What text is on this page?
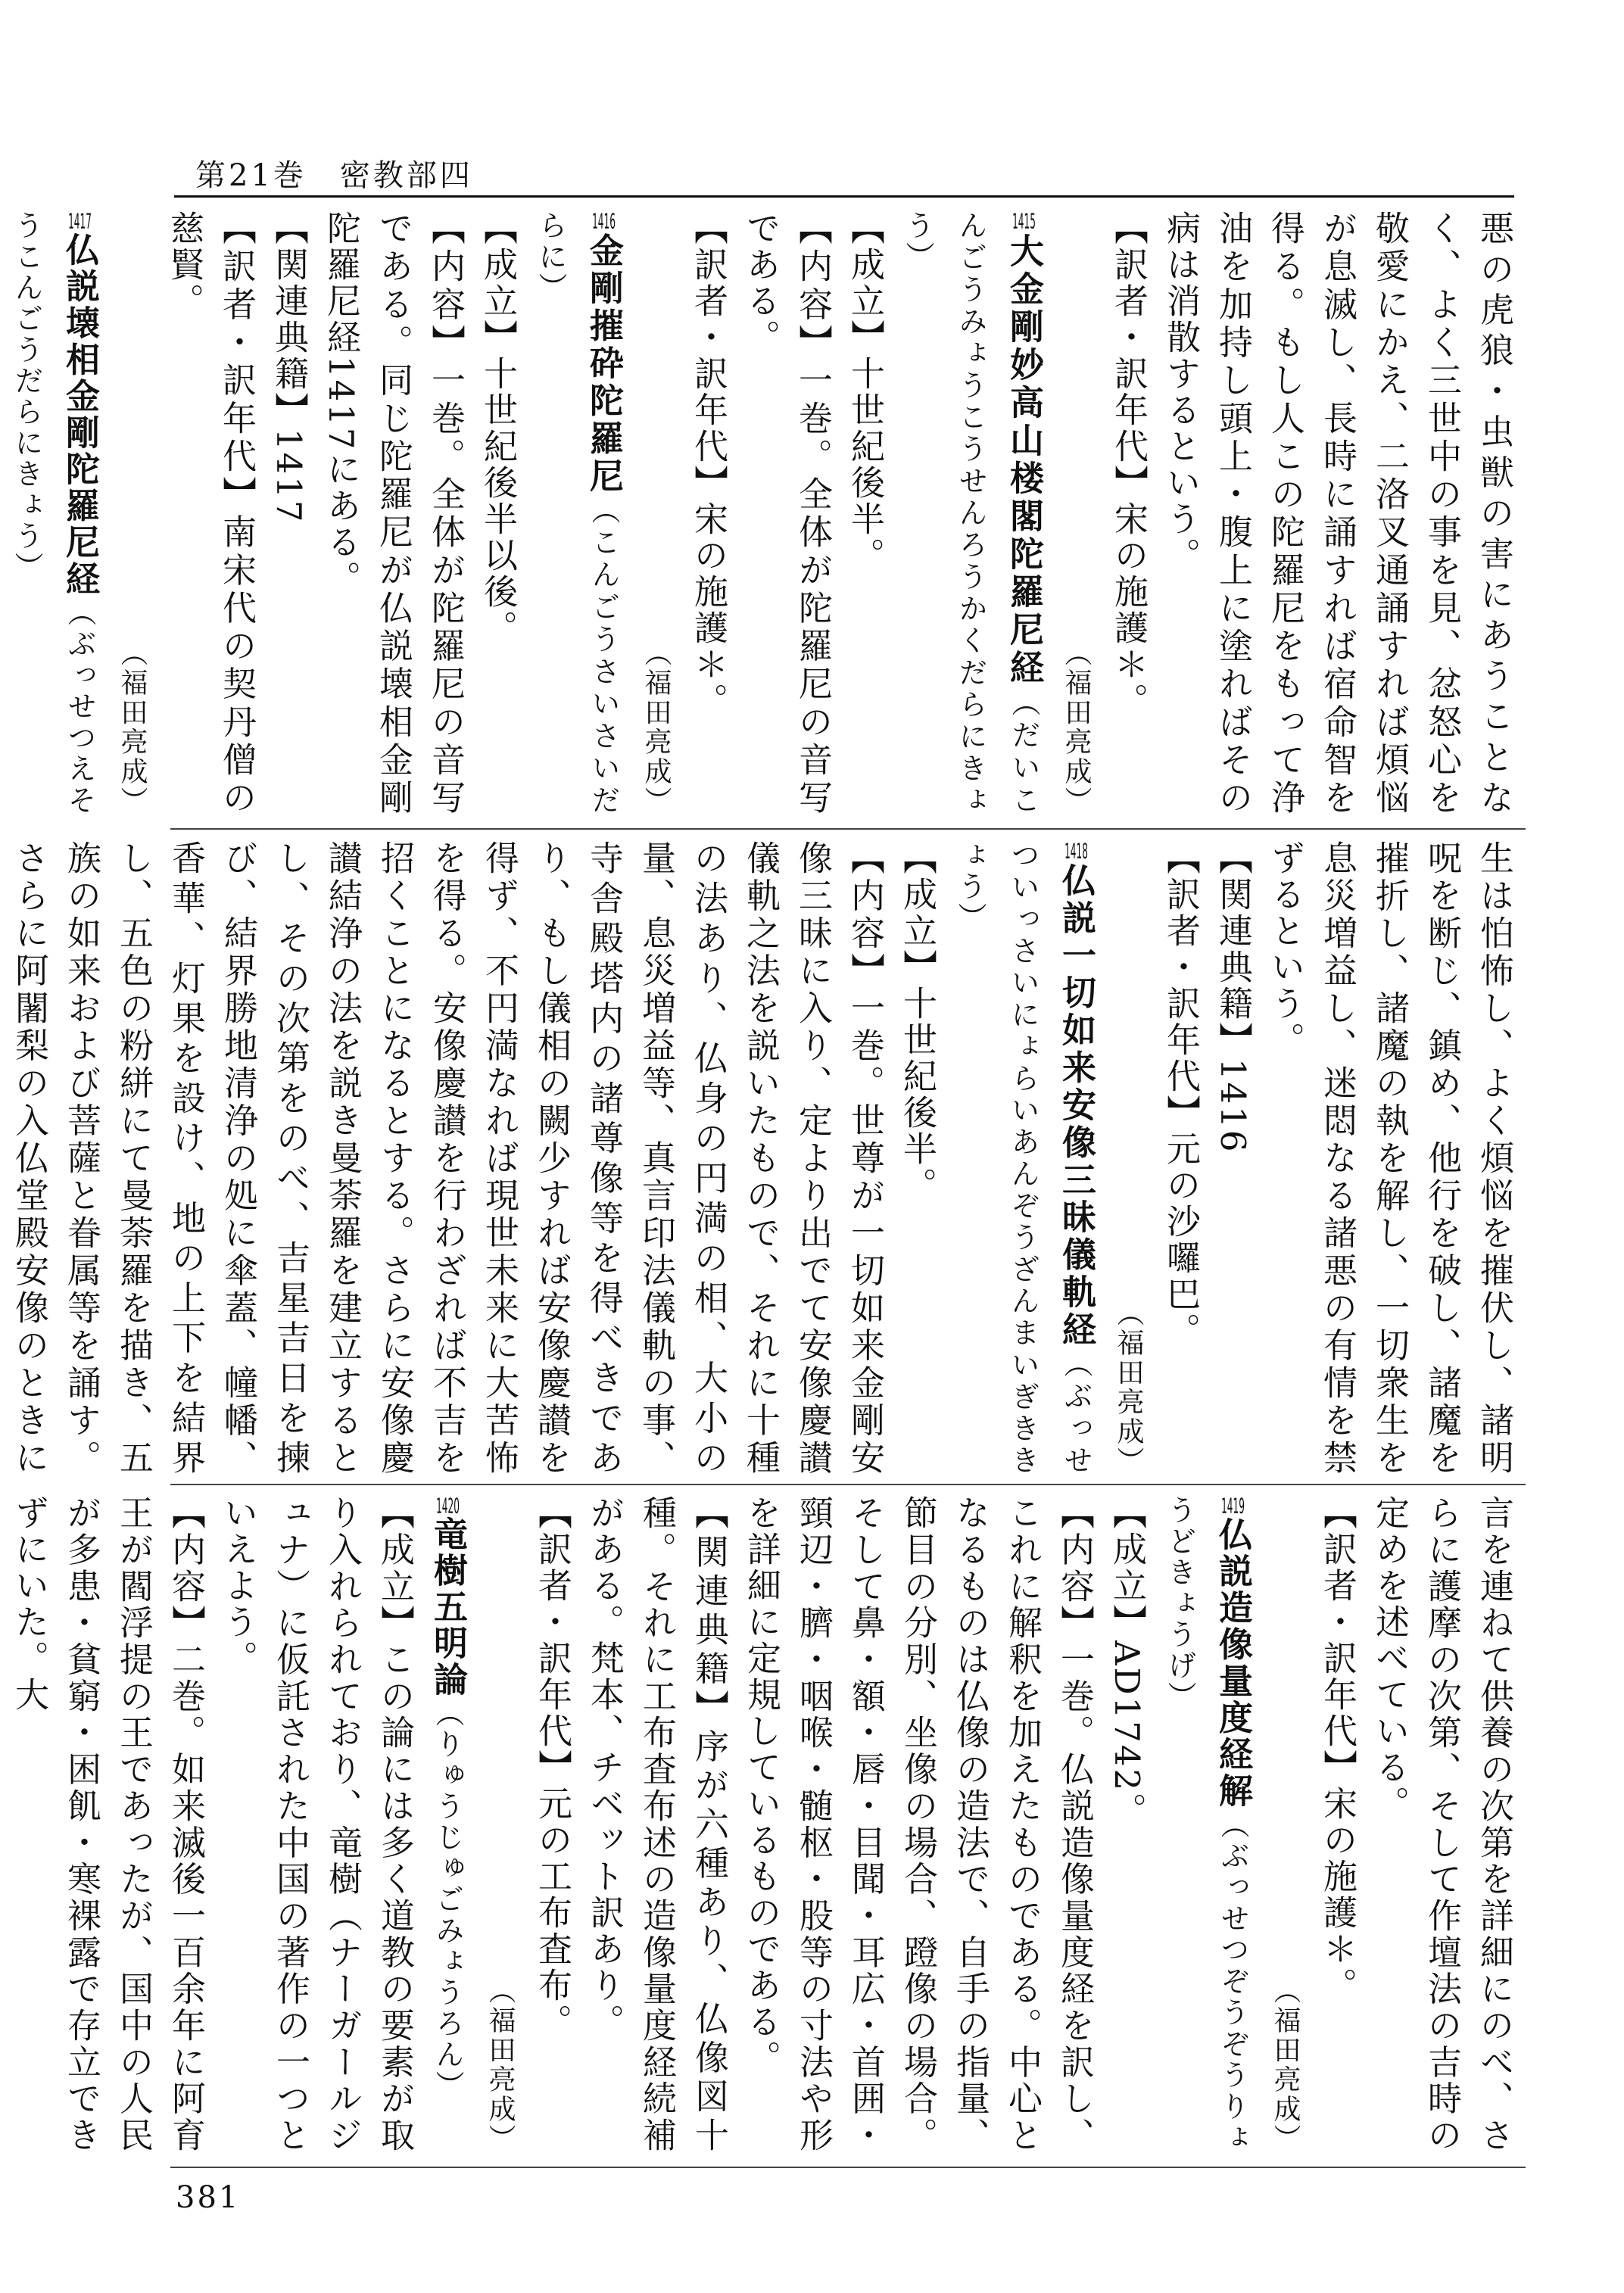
第21巻　密教部四

悪の虎狼・虫獣の害にあうことなく、よく三世中の事を見、忿怒心を敬愛にかえ、二洛叉通誦すれば煩悩が息滅し、長時に誦すれば宿命智を得る。もし人この陀羅尼をもって浄油を加持し頭上・腹上に塗ればその病は消散するという。

【訳者・訳年代】宋の施護＊。

（福田亮成）

1415大金剛妙高山楼閣陀羅尼経（だいこんごうみょうこうせんろうかくだらにきょう）

【成立】十世紀後半。

【内容】一巻。全体が陀羅尼の音写である。

【訳者・訳年代】宋の施護＊。

（福田亮成）

1416金剛摧砕陀羅尼（こんごうさいさいだらに）

【成立】十世紀後半以後。

【内容】一巻。全体が陀羅尼の音写である。同じ陀羅尼が仏説壊相金剛陀羅尼経1417にある。

【関連典籍】1417

【訳者・訳年代】南宋代の契丹僧の慈賢。

（福田亮成）

1417仏説壊相金剛陀羅尼経（ぶっせつえそうこんごうだらにきょう）

生は怕怖し、よく煩悩を摧伏し、諸明呪を断じ、鎮め、他行を破し、諸魔を摧折し、諸魔の執を解し、一切衆生を息災増益し、迷悶なる諸悪の有情を禁ずるという。

【関連典籍】1416

【訳者・訳年代】元の沙囉巴。

（福田亮成）

1418仏説一切如来安像三昧儀軌経（ぶっせついっさいにょらいあんぞうざんまいぎききょう）

【成立】十世紀後半。

【内容】一巻。世尊が一切如来金剛安像三昧に入り、定より出でて安像慶讃儀軌之法を説いたもので、それに十種の法あり、仏身の円満の相、大小の量、息災増益等、真言印法儀軌の事、寺舎殿塔内の諸尊像等を得べきであり、もし儀相の闕少すれば安像慶讃を得ず、不円満なれば現世未来に大苦怖を得る。安像慶讃を行わざれば不吉を招くことになるとする。さらに安像慶讃結浄の法を説き曼荼羅を建立するとし、その次第をのべ、吉星吉日を揀び、結界勝地清浄の処に傘蓋、幢幡、香華、灯果を設け、地の上下を結界し、五色の粉絣にて曼荼羅を描き、五族の如来および菩薩と眷属等を誦す。さらに阿闍梨の入仏堂殿安像のときに

言を連ねて供養の次第を詳細にのべ、さらに護摩の次第、そして作壇法の吉時の定めを述べている。

【訳者・訳年代】宋の施護＊。

（福田亮成）

1419仏説造像量度経解（ぶっせつぞうぞうりょうどきょうげ）

【成立】AD1742。

【内容】一巻。仏説造像量度経を訳し、これに解釈を加えたものである。中心となるものは仏像の造法で、自手の指量、節目の分別、坐像の場合、蹬像の場合。そして鼻・額・唇・目聞・耳広・首囲・頸辺・臍・咽喉・髄枢・股等の寸法や形を詳細に定規しているものである。

【関連典籍】序が六種あり、仏像図十種。それに工布査布述の造像量度経続補がある。梵本、チベット訳あり。

【訳者・訳年代】元の工布査布。

（福田亮成）

1420竜樹五明論（りゅうじゅごみょうろん）

【成立】この論には多く道教の要素が取り入れられており、竜樹（ナーガールジュナ）に仮託された中国の著作の一つといえよう。

【内容】二巻。如来滅後一百余年に阿育王が閻浮提の王であったが、国中の人民が多患・貧窮・困飢・寒裸露で存立できずにいた。大

381
